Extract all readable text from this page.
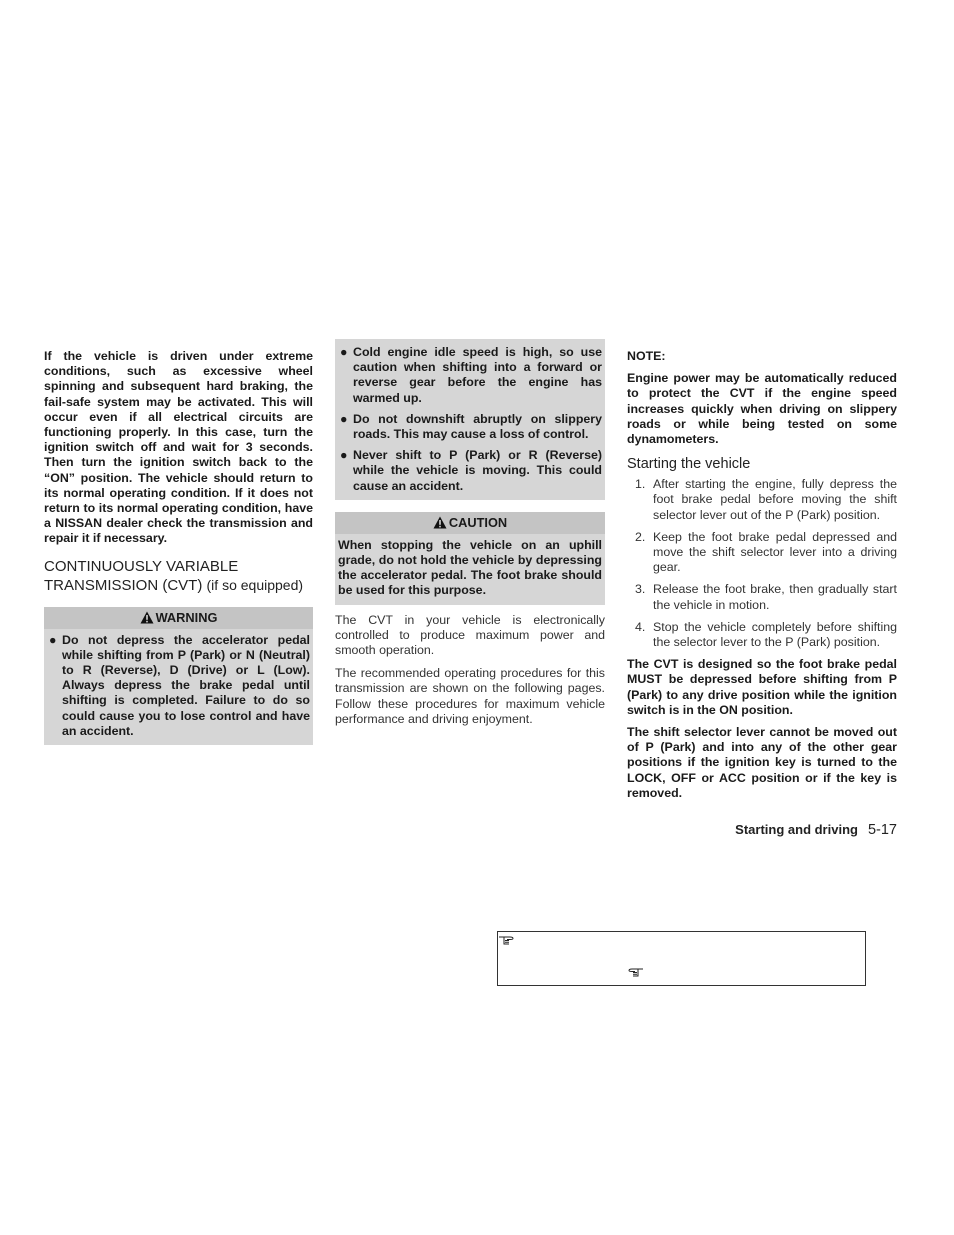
If the vehicle is driven under extreme conditions, such as excessive wheel spinning and subsequent hard braking, the fail-safe system may be activated. This will occur even if all electrical circuits are functioning properly. In this case, turn the ignition switch off and wait for 3 seconds. Then turn the ignition switch back to the “ON” position. The vehicle should return to its normal operating condition. If it does not return to its normal operating condition, have a NISSAN dealer check the transmission and repair it if necessary.

CONTINUOUSLY VARIABLE
TRANSMISSION (CVT) (if so equipped)
WARNING
● Do not depress the accelerator pedal while shifting from P (Park) or N (Neutral) to R (Reverse), D (Drive) or L (Low). Always depress the brake pedal until shifting is completed. Failure to do so could cause you to lose control and have an accident.
● Cold engine idle speed is high, so use caution when shifting into a forward or reverse gear before the engine has warmed up.
● Do not downshift abruptly on slippery roads. This may cause a loss of control.
● Never shift to P (Park) or R (Reverse) while the vehicle is moving. This could cause an accident.
CAUTION
When stopping the vehicle on an uphill grade, do not hold the vehicle by depressing the accelerator pedal. The foot brake should be used for this purpose.

The CVT in your vehicle is electronically controlled to produce maximum power and smooth operation.

The recommended operating procedures for this transmission are shown on the following pages. Follow these procedures for maximum vehicle performance and driving enjoyment.

NOTE:

Engine power may be automatically reduced to protect the CVT if the engine speed increases quickly when driving on slippery roads or while being tested on some dynamometers.

Starting the vehicle
1. After starting the engine, fully depress the foot brake pedal before moving the shift selector lever out of the P (Park) position.
2. Keep the foot brake pedal depressed and move the shift selector lever into a driving gear.
3. Release the foot brake, then gradually start the vehicle in motion.
4. Stop the vehicle completely before shifting the selector lever to the P (Park) position.

The CVT is designed so the foot brake pedal MUST be depressed before shifting from P (Park) to any drive position while the ignition switch is in the ON position.

The shift selector lever cannot be moved out of P (Park) and into any of the other gear positions if the ignition key is turned to the LOCK, OFF or ACC position or if the key is removed.

Starting and driving 5-17
